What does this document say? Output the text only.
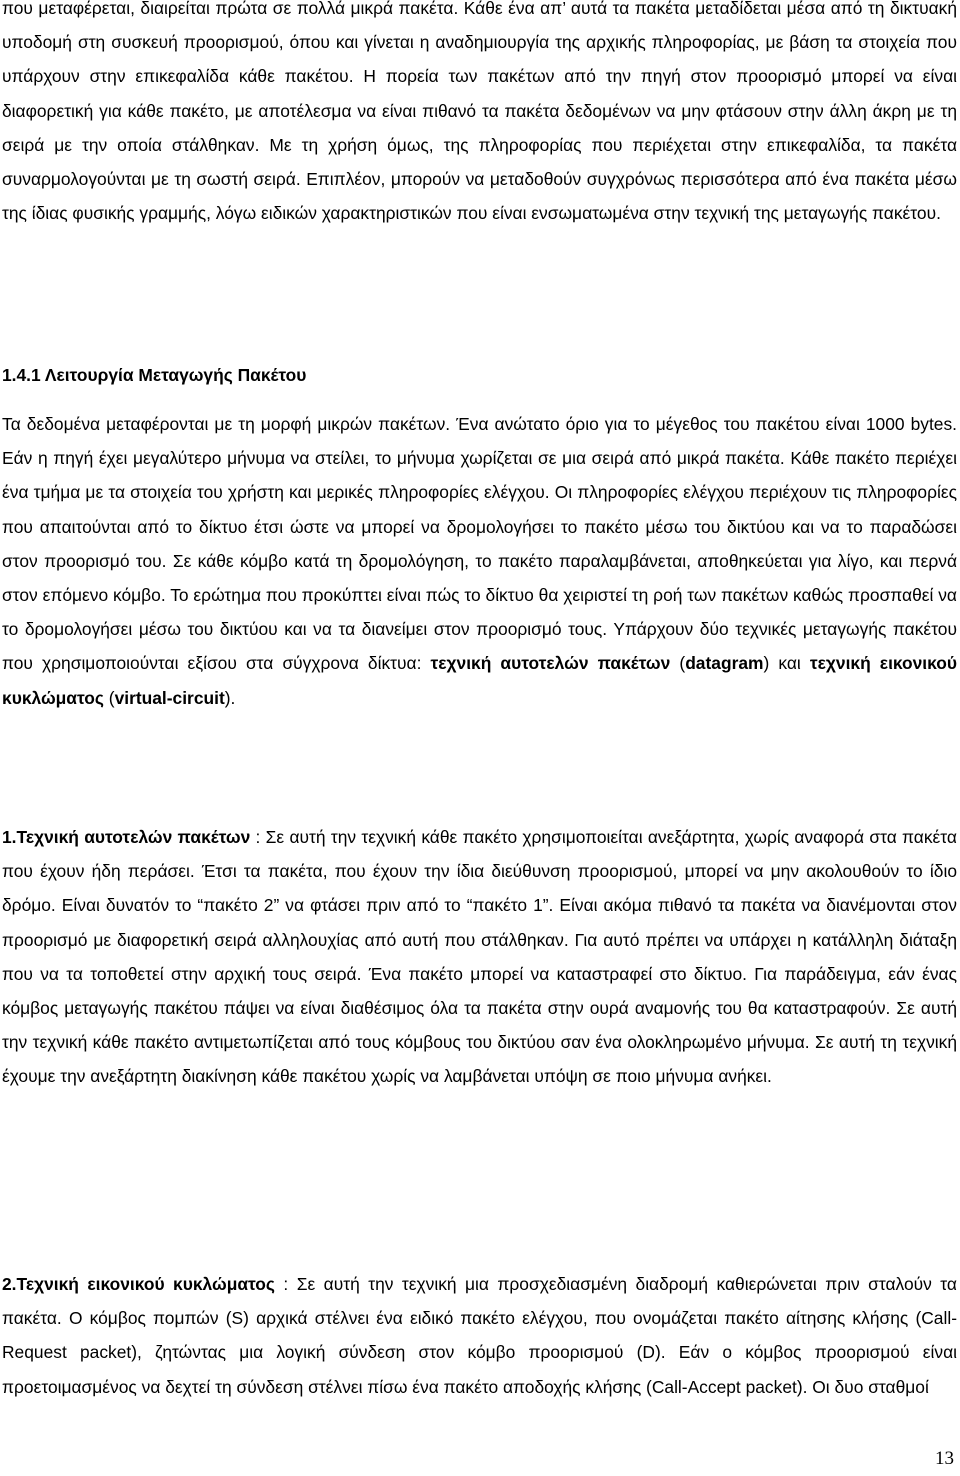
που μεταφέρεται, διαιρείται πρώτα σε πολλά μικρά πακέτα. Κάθε ένα απ’ αυτά τα πακέτα μεταδίδεται μέσα από τη δικτυακή υποδομή στη συσκευή προορισμού, όπου και γίνεται η αναδημιουργία της αρχικής πληροφορίας, με βάση τα στοιχεία που υπάρχουν στην επικεφαλίδα κάθε πακέτου. Η πορεία των πακέτων από την πηγή στον προορισμό μπορεί να είναι διαφορετική για κάθε πακέτο, με αποτέλεσμα να είναι πιθανό τα πακέτα δεδομένων να μην φτάσουν στην άλλη άκρη με τη σειρά με την οποία στάλθηκαν. Με τη χρήση όμως, της πληροφορίας που περιέχεται στην επικεφαλίδα, τα πακέτα συναρμολογούνται με τη σωστή σειρά. Επιπλέον, μπορούν να μεταδοθούν συγχρόνως περισσότερα από ένα πακέτα μέσω της ίδιας φυσικής γραμμής, λόγω ειδικών χαρακτηριστικών που είναι ενσωματωμένα στην τεχνική της μεταγωγής πακέτου.

1.4.1 Λειτουργία Μεταγωγής Πακέτου

Τα δεδομένα μεταφέρονται με τη μορφή μικρών πακέτων. Ένα ανώτατο όριο για το μέγεθος του πακέτου είναι 1000 bytes. Εάν η πηγή έχει μεγαλύτερο μήνυμα να στείλει, το μήνυμα χωρίζεται σε μια σειρά από μικρά πακέτα. Κάθε πακέτο περιέχει ένα τμήμα με τα στοιχεία του χρήστη και μερικές πληροφορίες ελέγχου. Οι πληροφορίες ελέγχου περιέχουν τις πληροφορίες που απαιτούνται από το δίκτυο έτσι ώστε να μπορεί να δρομολογήσει το πακέτο μέσω του δικτύου και να το παραδώσει στον προορισμό του. Σε κάθε κόμβο κατά τη δρομολόγηση, το πακέτο παραλαμβάνεται, αποθηκεύεται για λίγο, και περνά στον επόμενο κόμβο. Το ερώτημα που προκύπτει είναι πώς το δίκτυο θα χειριστεί τη ροή των πακέτων καθώς προσπαθεί να το δρομολογήσει μέσω του δικτύου και να τα διανείμει στον προορισμό τους. Υπάρχουν δύο τεχνικές μεταγωγής πακέτου που χρησιμοποιούνται εξίσου στα σύγχρονα δίκτυα: τεχνική αυτοτελών πακέτων (datagram) και τεχνική εικονικού κυκλώματος (virtual-circuit).

1.Τεχνική αυτοτελών πακέτων : Σε αυτή την τεχνική κάθε πακέτο χρησιμοποιείται ανεξάρτητα, χωρίς αναφορά στα πακέτα που έχουν ήδη περάσει. Έτσι τα πακέτα, που έχουν την ίδια διεύθυνση προορισμού, μπορεί να μην ακολουθούν το ίδιο δρόμο. Είναι δυνατόν το “πακέτο 2” να φτάσει πριν από το “πακέτο 1”. Είναι ακόμα πιθανό τα πακέτα να διανέμονται στον προορισμό με διαφορετική σειρά αλληλουχίας από αυτή που στάλθηκαν. Για αυτό πρέπει να υπάρχει η κατάλληλη διάταξη που να τα τοποθετεί στην αρχική τους σειρά. Ένα πακέτο μπορεί να καταστραφεί στο δίκτυο. Για παράδειγμα, εάν ένας κόμβος μεταγωγής πακέτου πάψει να είναι διαθέσιμος όλα τα πακέτα στην ουρά αναμονής του θα καταστραφούν. Σε αυτή την τεχνική κάθε πακέτο αντιμετωπίζεται από τους κόμβους του δικτύου σαν ένα ολοκληρωμένο μήνυμα. Σε αυτή τη τεχνική έχουμε την ανεξάρτητη διακίνηση κάθε πακέτου χωρίς να λαμβάνεται υπόψη σε ποιο μήνυμα ανήκει.

2.Τεχνική εικονικού κυκλώματος : Σε αυτή την τεχνική μια προσχεδιασμένη διαδρομή καθιερώνεται πριν σταλούν τα πακέτα. Ο κόμβος πομπών (S) αρχικά στέλνει ένα ειδικό πακέτο ελέγχου, που ονομάζεται πακέτο αίτησης κλήσης (Call-Request packet), ζητώντας μια λογική σύνδεση στον κόμβο προορισμού (D). Εάν ο κόμβος προορισμού είναι προετοιμασμένος να δεχτεί τη σύνδεση στέλνει πίσω ένα πακέτο αποδοχής κλήσης (Call-Accept packet). Οι δυο σταθμοί

13
